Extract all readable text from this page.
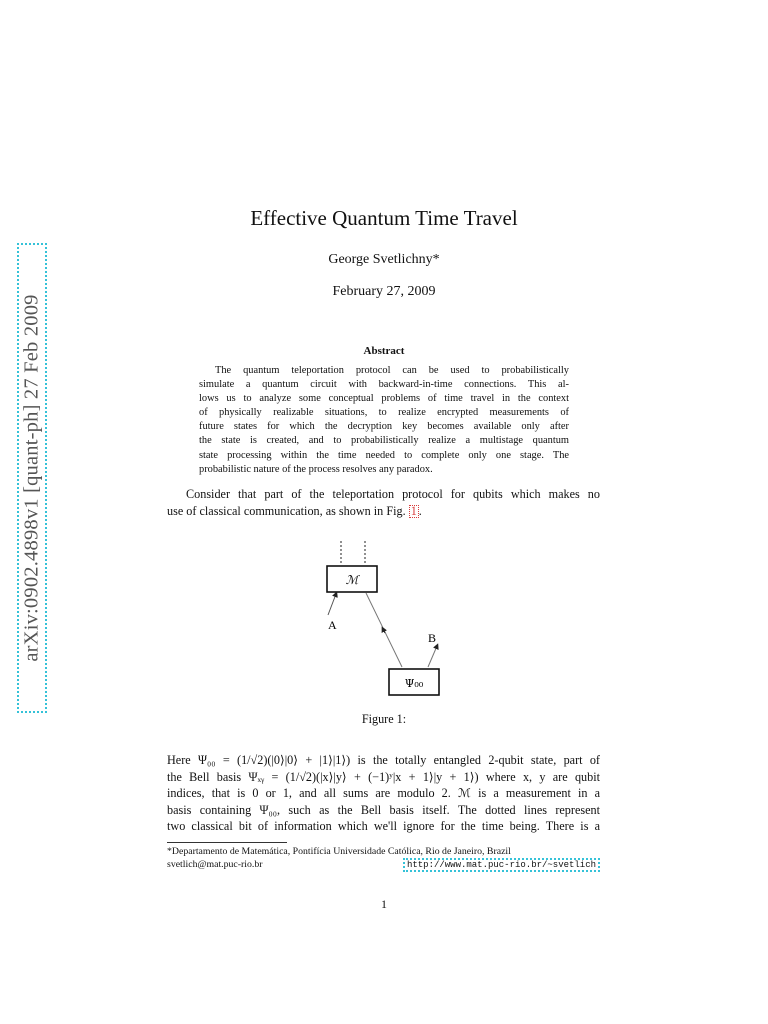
arXiv:0902.4898v1 [quant-ph] 27 Feb 2009
Effective Quantum Time Travel
George Svetlichny*
February 27, 2009
Abstract
The quantum teleportation protocol can be used to probabilistically
simulate a quantum circuit with backward-in-time connections. This al-
lows us to analyze some conceptual problems of time travel in the context
of physically realizable situations, to realize encrypted measurements of
future states for which the decryption key becomes available only after
the state is created, and to probabilistically realize a multistage quantum
state processing within the time needed to complete only one stage. The
probabilistic nature of the process resolves any paradox.
Consider that part of the teleportation protocol for qubits which makes no
use of classical communication, as shown in Fig. 1 .
ℳ
A
B
Ψ₀₀
Figure 1:
Here Ψ₀₀ = (1/√2)(|0⟩|0⟩ + |1⟩|1⟩) is the totally entangled 2-qubit state, part of
the Bell basis Ψₓᵧ = (1/√2)(|x⟩|y⟩ + (−1)ʸ|x + 1⟩|y + 1⟩) where x, y are qubit
indices, that is 0 or 1, and all sums are modulo 2. ℳ is a measurement in a
basis containing Ψ₀₀, such as the Bell basis itself. The dotted lines represent
two classical bit of information which we'll ignore for the time being. There is a
*Departamento de Matemática, Pontifícia Universidade Católica, Rio de Janeiro, Brazil
svetlich@mat.puc-rio.br	http://www.mat.puc-rio.br/~svetlich
1
